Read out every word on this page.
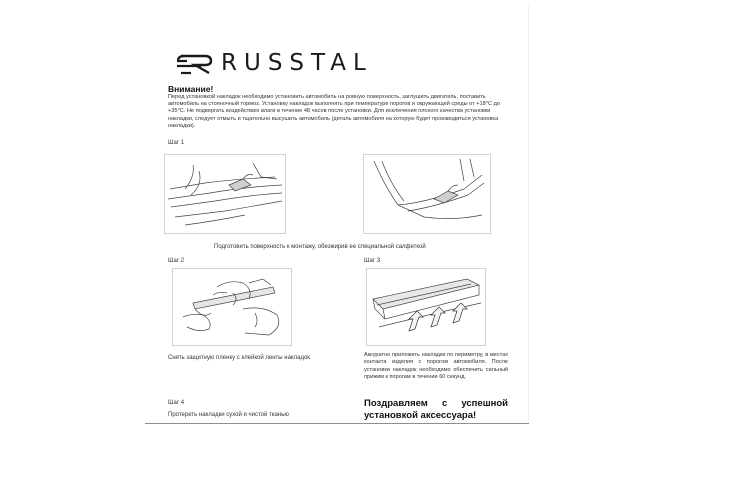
RUSSTAL
Внимание!
Перед установкой накладок необходимо установить автомобиль на ровную поверхность, заглушить двигатель, поставить автомобиль на стояночный тормоз. Установку накладок выполнять при температуре порогов и окружающей среды от +18°С до +35°С. Не подвергать воздействию влаги в течение 48 часов после установки. Для исключения плохого качества установки накладки, следует отмыть и тщательно высушить автомобиль (деталь автомобиля на которую будет производиться установка накладки).
Шаг 1
Подготовить поверхность к монтажу, обезжирив ее специальной салфеткой
Шаг 2
Снять защитную пленку с клейкой ленты накладок
Шаг 3
Аккуратно приложить накладки по периметру, в местах контакта изделия с порогом автомобиля. После установки накладок необходимо обеспечить сильный прижим к порогам в течении 60 секунд.
Шаг 4
Протереть накладки сухой и чистой тканью
Поздравляем с успешной установкой аксессуара!
